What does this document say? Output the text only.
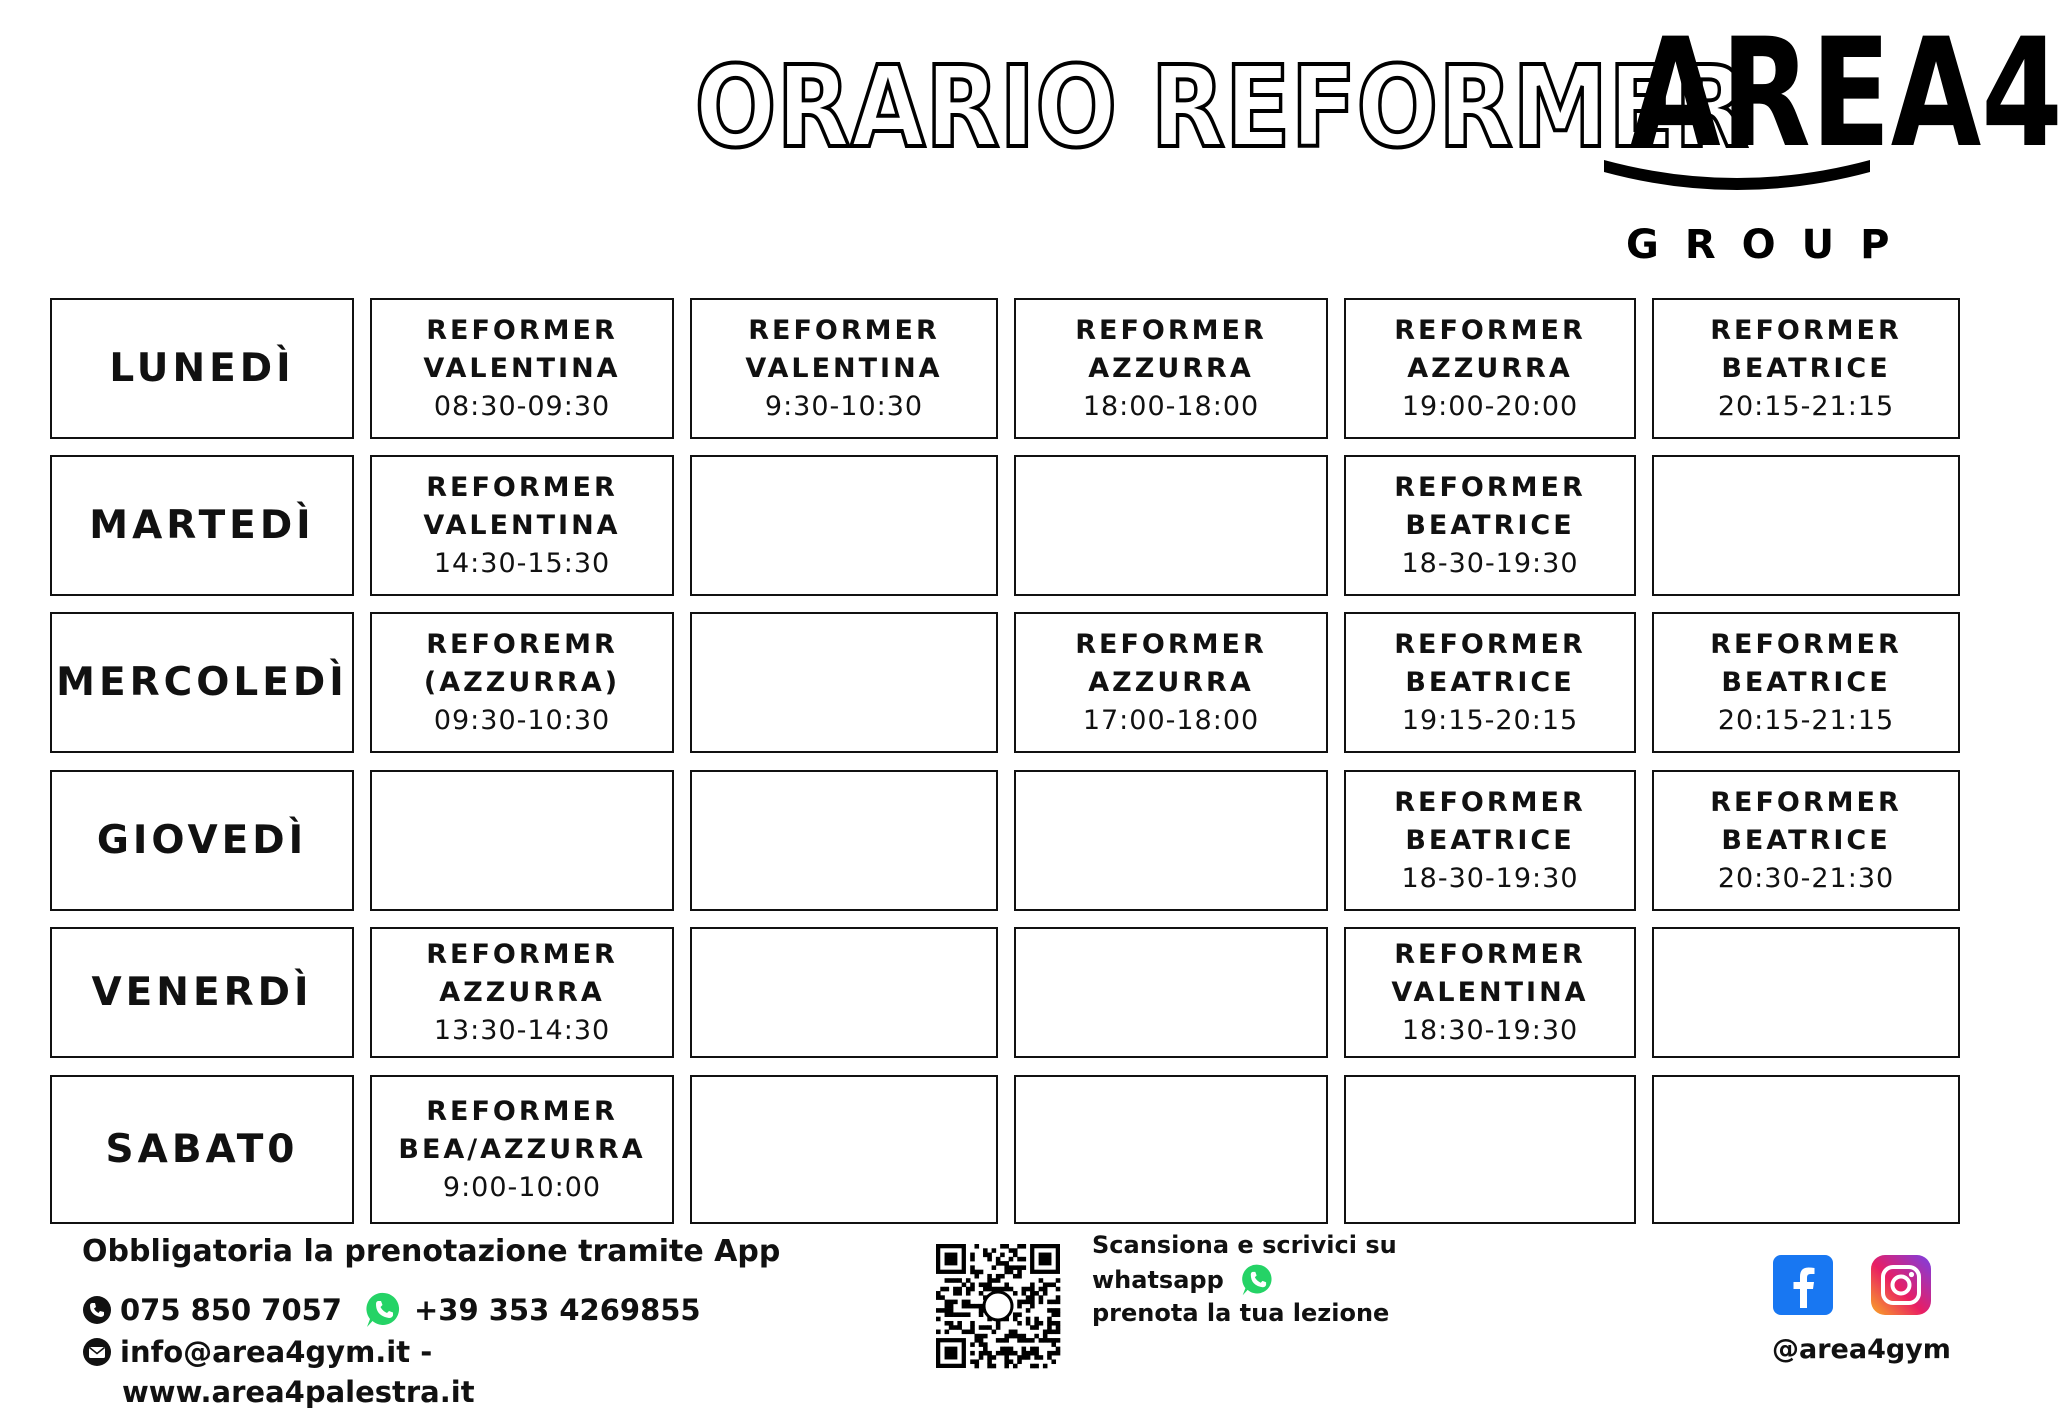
ORARIO REFORMER
AREA4
GROUP
LUNEDÌ
REFORMER
VALENTINA
08:30-09:30
REFORMER
VALENTINA
9:30-10:30
REFORMER
AZZURRA
18:00-18:00
REFORMER
AZZURRA
19:00-20:00
REFORMER
BEATRICE
20:15-21:15
MARTEDÌ
REFORMER
VALENTINA
14:30-15:30
REFORMER
BEATRICE
18-30-19:30
MERCOLEDÌ
REFOREMR
(AZZURRA)
09:30-10:30
REFORMER
AZZURRA
17:00-18:00
REFORMER
BEATRICE
19:15-20:15
REFORMER
BEATRICE
20:15-21:15
GIOVEDÌ
REFORMER
BEATRICE
18-30-19:30
REFORMER
BEATRICE
20:30-21:30
VENERDÌ
REFORMER
AZZURRA
13:30-14:30
REFORMER
VALENTINA
18:30-19:30
SABAT0
REFORMER
BEA/AZZURRA
9:00-10:00
Obbligatoria la prenotazione tramite App
075 850 7057 +39 353 4269855
info@area4gym.it -
www.area4palestra.it
Scansiona e scrivici su
whatsapp
prenota la tua lezione
@area4gym
